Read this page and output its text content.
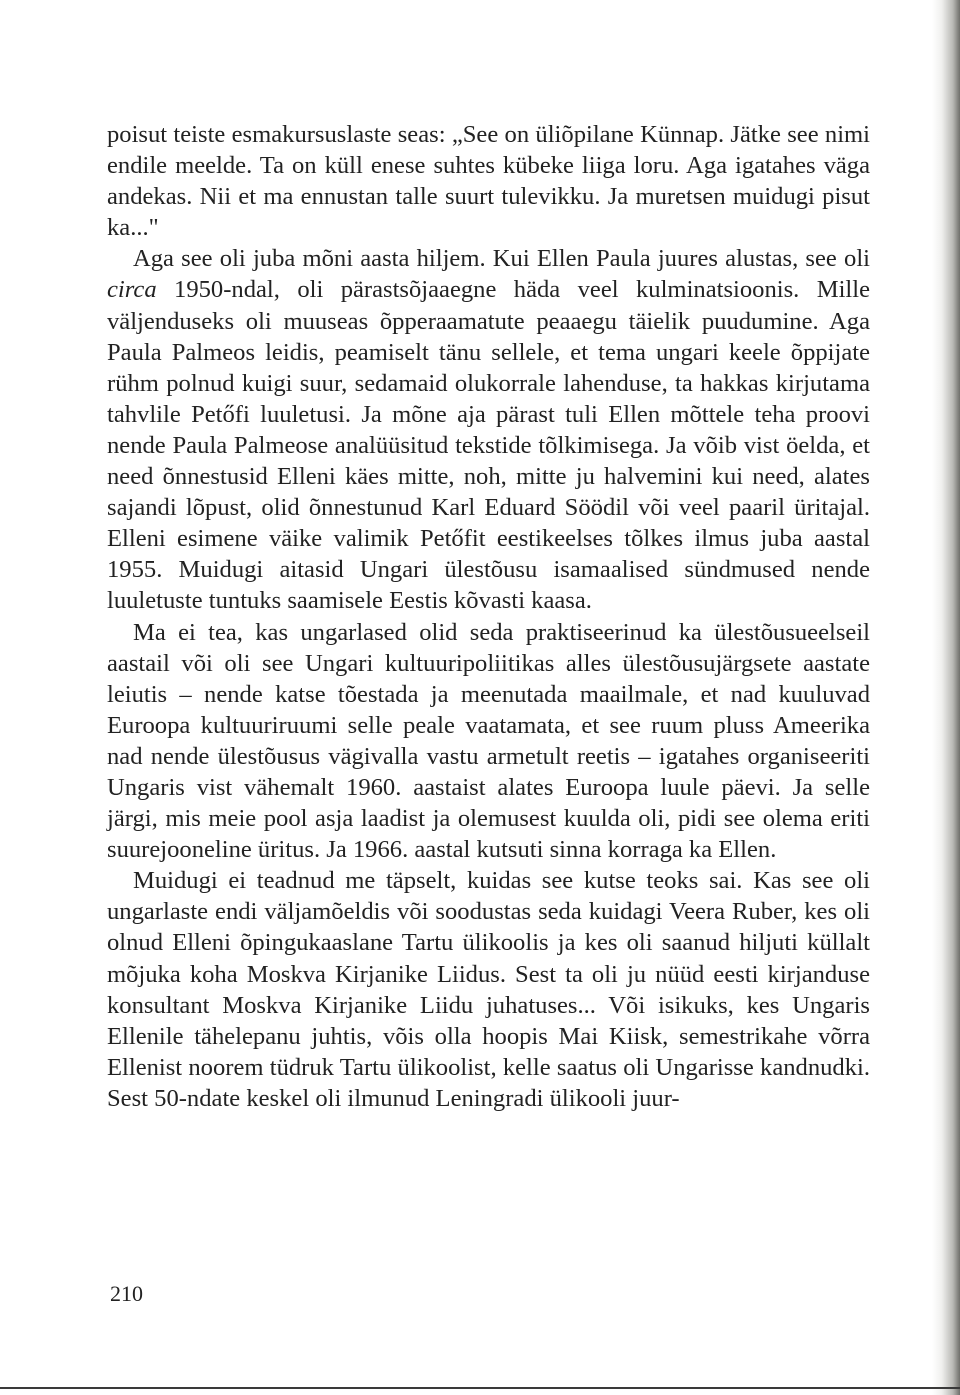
poisut teiste esmakursuslaste seas: „See on üliõpilane Künnap. Jätke see nimi endile meelde. Ta on küll enese suhtes kübeke liiga loru. Aga igatahes väga andekas. Nii et ma ennustan talle suurt tulevikku. Ja muretsen muidugi pisut ka..."

Aga see oli juba mõni aasta hiljem. Kui Ellen Paula juures alustas, see oli circa 1950-ndal, oli pärastsõjaaegne häda veel kulminatsioonis. Mille väljenduseks oli muuseas õpperaamatute peaaegu täielik puudumine. Aga Paula Palmeos leidis, peamiselt tänu sellele, et tema ungari keele õppijate rühm polnud kuigi suur, sedamaid olukorrale lahenduse, ta hakkas kirjutama tahvlile Petőfi luuletusi. Ja mõne aja pärast tuli Ellen mõttele teha proovi nende Paula Palmeose analüüsitud tekstide tõlkimisega. Ja võib vist öelda, et need õnnestusid Elleni käes mitte, noh, mitte ju halvemini kui need, alates sajandi lõpust, olid õnnestunud Karl Eduard Söödil või veel paaril üritajal. Elleni esimene väike valimik Petőfit eestikeelses tõlkes ilmus juba aastal 1955. Muidugi aitasid Ungari ülestõusu isamaalised sündmused nende luuletuste tuntuks saamisele Eestis kõvasti kaasa.

Ma ei tea, kas ungarlased olid seda praktiseerinud ka ülestõusueelseil aastail või oli see Ungari kultuuripoliitikas alles ülestõusujärgsete aastate leiutis – nende katse tõestada ja meenutada maailmale, et nad kuuluvad Euroopa kultuuriruumi selle peale vaatamata, et see ruum pluss Ameerika nad nende ülestõusus vägivalla vastu armetult reetis – igatahes organiseeriti Ungaris vist vähemalt 1960. aastaist alates Euroopa luule päevi. Ja selle järgi, mis meie pool asja laadist ja olemusest kuulda oli, pidi see olema eriti suurejooneline üritus. Ja 1966. aastal kutsuti sinna korraga ka Ellen.

Muidugi ei teadnud me täpselt, kuidas see kutse teoks sai. Kas see oli ungarlaste endi väljamõeldis või soodustas seda kuidagi Veera Ruber, kes oli olnud Elleni õpingukaaslane Tartu ülikoolis ja kes oli saanud hiljuti küllalt mõjuka koha Moskva Kirjanike Liidus. Sest ta oli ju nüüd eesti kirjanduse konsultant Moskva Kirjanike Liidu juhatuses... Või isikuks, kes Ungaris Ellenile tähelepanu juhtis, võis olla hoopis Mai Kiisk, semestrikahe võrra Ellenist noorem tüdruk Tartu ülikoolist, kelle saatus oli Ungarisse kandnudki. Sest 50-ndate keskel oli ilmunud Leningradi ülikooli juur-

210
